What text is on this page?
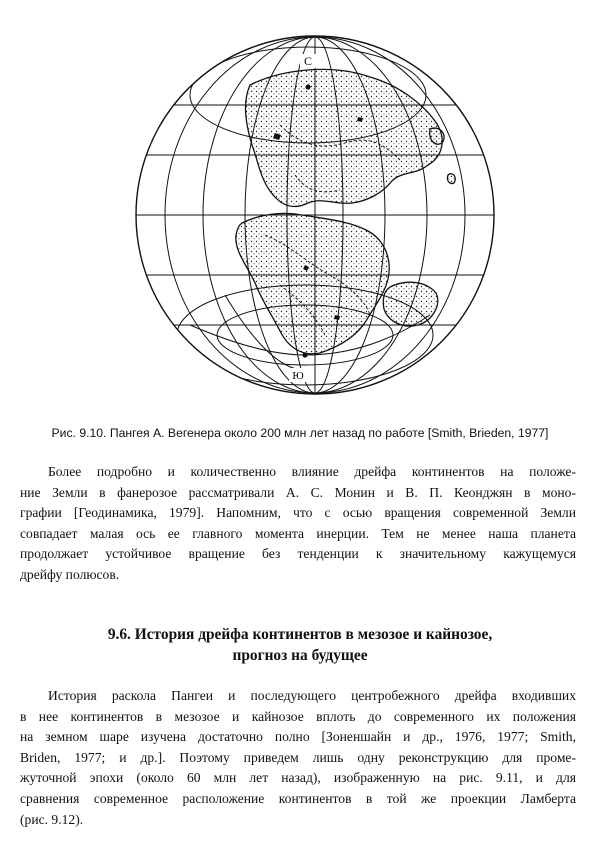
С
Ю
Рис. 9.10. Пангея А. Вегенера около 200 млн лет назад по работе [Smith, Brieden, 1977]

Более подробно и количественно влияние дрейфа континентов на положе-
ние Земли в фанерозое рассматривали А. С. Монин и В. П. Кеонджян в моно-
графии [Геодинамика, 1979]. Напомним, что с осью вращения современной Земли
совпадает малая ось ее главного момента инерции. Тем не менее наша планета
продолжает устойчивое вращение без тенденции к значительному кажущемуся
дрейфу полюсов.

9.6. История дрейфа континентов в мезозое и кайнозое,
прогноз на будущее

История раскола Пангеи и последующего центробежного дрейфа входивших
в нее континентов в мезозое и кайнозое вплоть до современного их положения
на земном шаре изучена достаточно полно [Зоненшайн и др., 1976, 1977; Smith,
Briden, 1977; и др.]. Поэтому приведем лишь одну реконструкцию для проме-
жуточной эпохи (около 60 млн лет назад), изображенную на рис. 9.11, и для
сравнения современное расположение континентов в той же проекции Ламберта
(рис. 9.12).
